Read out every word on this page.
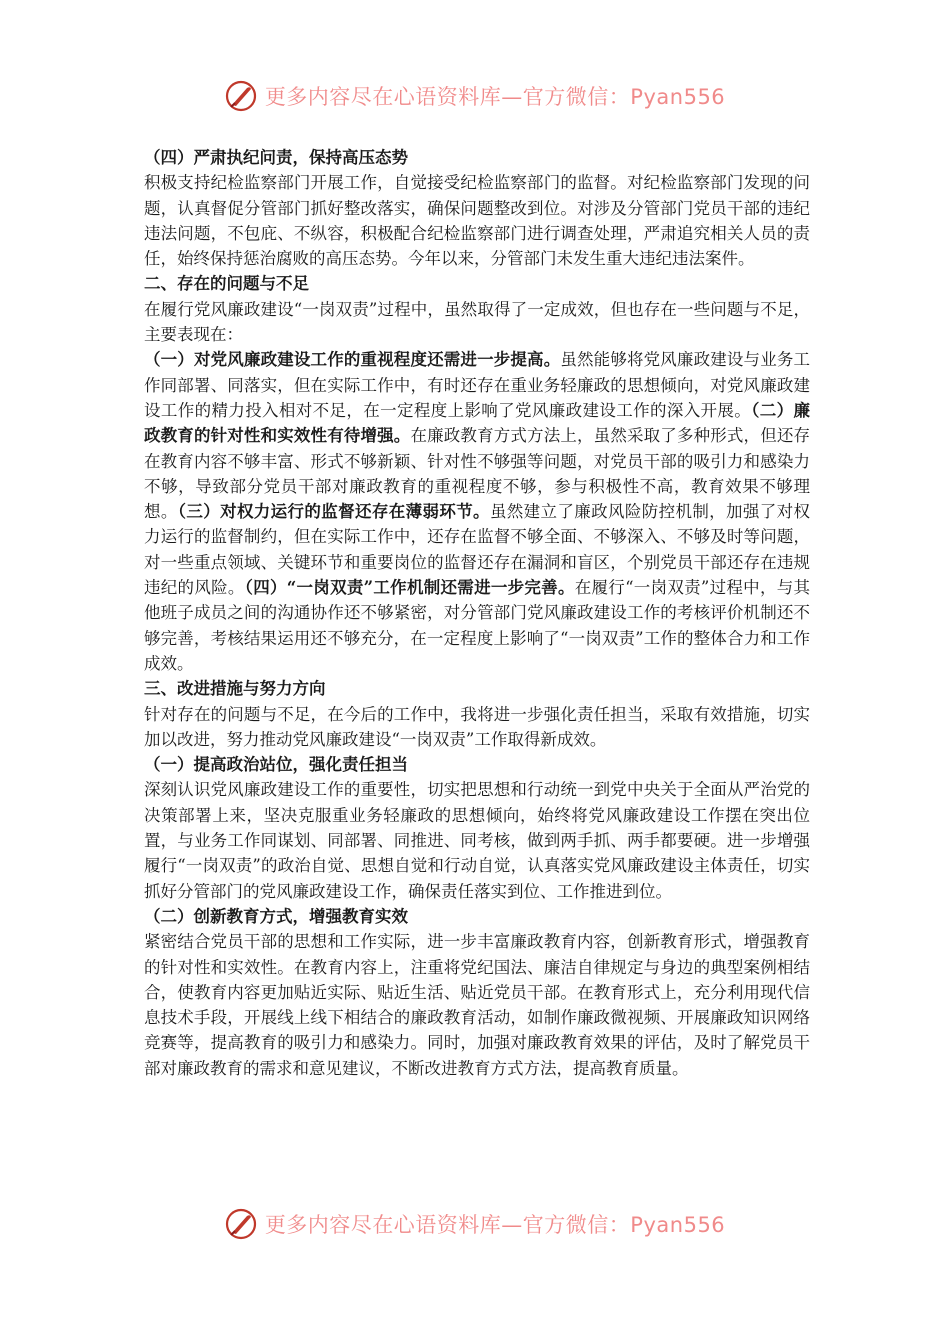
更多内容尽在心语资料库—官方微信：Pyan556

（四）严肃执纪问责，保持高压态势

积极支持纪检监察部门开展工作，自觉接受纪检监察部门的监督。对纪检监察部门发现的问题，认真督促分管部门抓好整改落实，确保问题整改到位。对涉及分管部门党员干部的违纪违法问题，不包庇、不纵容，积极配合纪检监察部门进行调查处理，严肃追究相关人员的责任，始终保持惩治腐败的高压态势。今年以来，分管部门未发生重大违纪违法案件。

二、存在的问题与不足

在履行党风廉政建设“一岗双责”过程中，虽然取得了一定成效，但也存在一些问题与不足，主要表现在：

（一）对党风廉政建设工作的重视程度还需进一步提高。虽然能够将党风廉政建设与业务工作同部署、同落实，但在实际工作中，有时还存在重业务轻廉政的思想倾向，对党风廉政建设工作的精力投入相对不足，在一定程度上影响了党风廉政建设工作的深入开展。（二）廉政教育的针对性和实效性有待增强。在廉政教育方式方法上，虽然采取了多种形式，但还存在教育内容不够丰富、形式不够新颖、针对性不够强等问题，对党员干部的吸引力和感染力不够，导致部分党员干部对廉政教育的重视程度不够，参与积极性不高，教育效果不够理想。（三）对权力运行的监督还存在薄弱环节。虽然建立了廉政风险防控机制，加强了对权力运行的监督制约，但在实际工作中，还存在监督不够全面、不够深入、不够及时等问题，对一些重点领域、关键环节和重要岗位的监督还存在漏洞和盲区，个别党员干部还存在违规违纪的风险。（四）“一岗双责”工作机制还需进一步完善。在履行“一岗双责”过程中，与其他班子成员之间的沟通协作还不够紧密，对分管部门党风廉政建设工作的考核评价机制还不够完善，考核结果运用还不够充分，在一定程度上影响了“一岗双责”工作的整体合力和工作成效。

三、改进措施与努力方向

针对存在的问题与不足，在今后的工作中，我将进一步强化责任担当，采取有效措施，切实加以改进，努力推动党风廉政建设“一岗双责”工作取得新成效。

（一）提高政治站位，强化责任担当

深刻认识党风廉政建设工作的重要性，切实把思想和行动统一到党中央关于全面从严治党的决策部署上来，坚决克服重业务轻廉政的思想倾向，始终将党风廉政建设工作摆在突出位置，与业务工作同谋划、同部署、同推进、同考核，做到两手抓、两手都要硬。进一步增强履行“一岗双责”的政治自觉、思想自觉和行动自觉，认真落实党风廉政建设主体责任，切实抓好分管部门的党风廉政建设工作，确保责任落实到位、工作推进到位。

（二）创新教育方式，增强教育实效

紧密结合党员干部的思想和工作实际，进一步丰富廉政教育内容，创新教育形式，增强教育的针对性和实效性。在教育内容上，注重将党纪国法、廉洁自律规定与身边的典型案例相结合，使教育内容更加贴近实际、贴近生活、贴近党员干部。在教育形式上，充分利用现代信息技术手段，开展线上线下相结合的廉政教育活动，如制作廉政微视频、开展廉政知识网络竞赛等，提高教育的吸引力和感染力。同时，加强对廉政教育效果的评估，及时了解党员干部对廉政教育的需求和意见建议，不断改进教育方式方法，提高教育质量。

更多内容尽在心语资料库—官方微信：Pyan556
